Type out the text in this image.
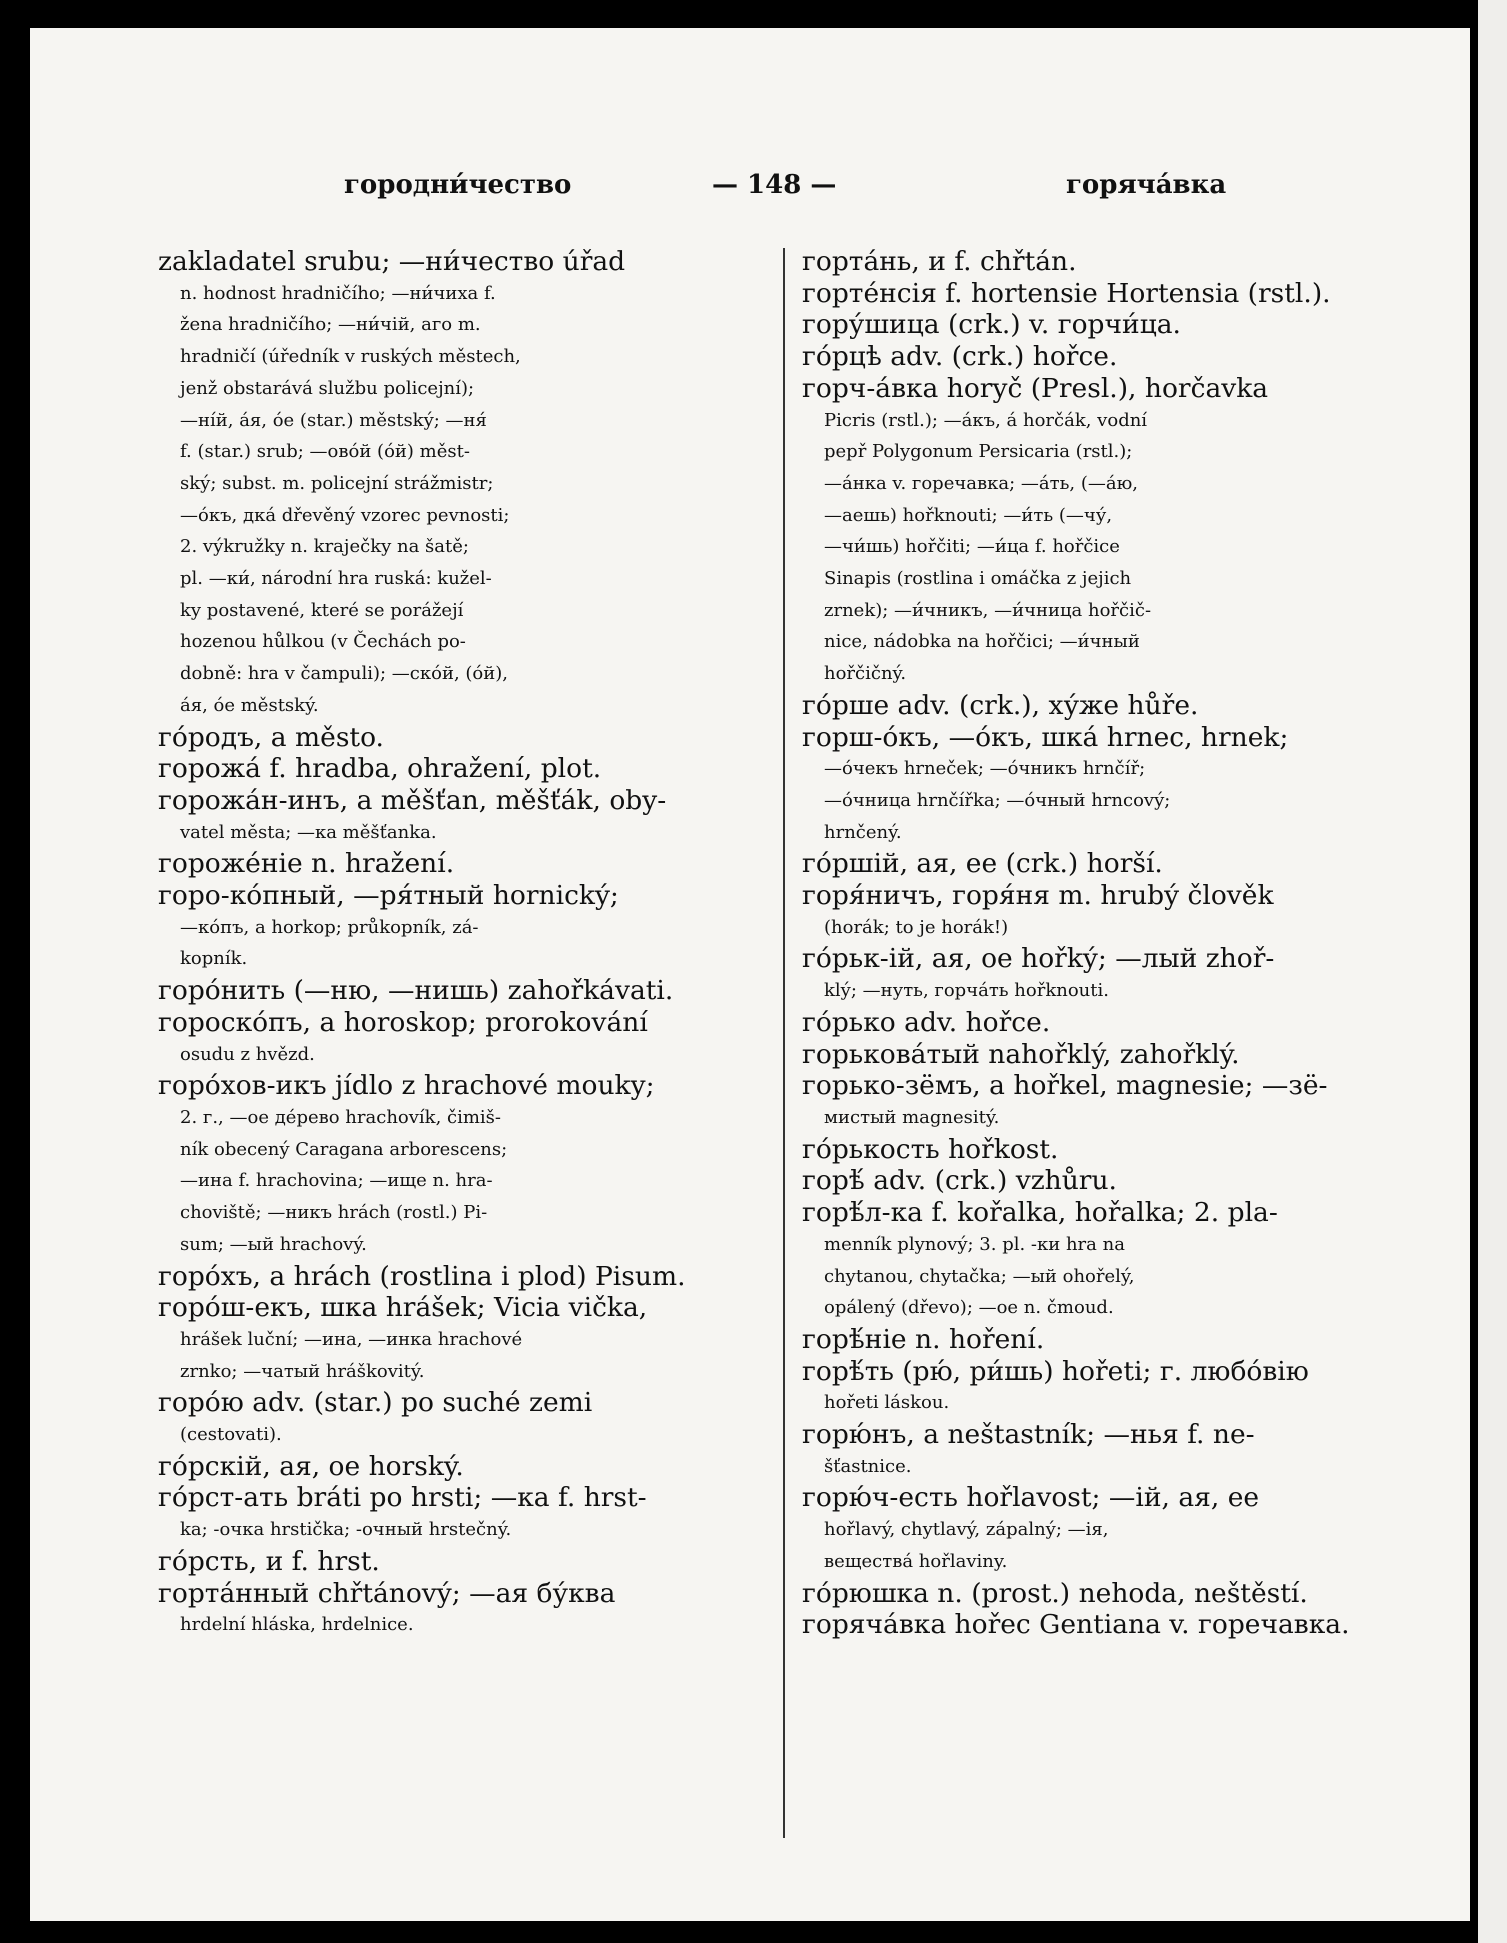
городни́чество	— 148 —	горяча́вка
zakladatel srubu; —ни́чество úřad
n. hodnost hradničího; —ни́чиха f.
žena hradničího; —ни́чій, аго m.
hradničí (úředník v ruských městech,
jenž obstarává službu policejní);
—ні́й, а́я, о́е (star.) městský; —ня́
f. (star.) srub; —ово́й (о́й) měst-
ský; subst. m. policejní strážmistr;
—о́къ, дка́ dřevěný vzorec pevnosti;
2. výkružky n. kraječky na šatě;
pl. —ки́, národní hra ruská: kužel-
ky postavené, které se porážejí
hozenou hůlkou (v Čechách po-
dobně: hra v čampuli); —ско́й, (о́й),
а́я, о́е městský.
го́родъ, а město.
горожа́ f. hradba, ohražení, plot.
горожа́н-инъ, а měšťan, měšťák, oby-
vatel města; —ка měšťanka.
горожéніе n. hražení.
горо-ко́пный, —ря́тный hornický;
—ко́пъ, а horkop; průkopník, zá-
kopník.
горо́нить (—ню, —нишь) zahořkávati.
гороско́пъ, а horoskop; prorokování
osudu z hvězd.
горо́хов-икъ jídlo z hrachové mouky;
2. г., —ое де́рево hrachovík, čimiš-
ník obecený Caragana arborescens;
—ина f. hrachovina; —ище n. hra-
choviště; —никъ hrách (rostl.) Pi-
sum; —ый hrachový.
горо́хъ, а hrách (rostlina i plod) Pisum.
горо́ш-екъ, шка hrášek; Vicia vička,
hrášek luční; —ина, —инка hrachové
zrnko; —чатый hráškovitý.
горо́ю adv. (star.) po suché zemi
(cestovati).
го́рскій, ая, ое horský.
го́рст-ать bráti po hrsti; —ка f. hrst-
ka; -очка hrstička; -очный hrstečný.
го́рсть, и f. hrst.
горта́нный chřtánový; —ая бу́ква
hrdelní hláska, hrdelnice.
горта́нь, и f. chřtán.
гортéнсія f. hortensie Hortensia (rstl.).
гору́шица (crk.) v. горчи́ца.
го́рцѣ adv. (crk.) hořce.
горч-а́вка horyč (Presl.), horčavka
Picris (rstl.); —а́къ, а́ horčák, vodní
pepř Polygonum Persicaria (rstl.);
—а́нка v. горечавка; —а́ть, (—а́ю,
—аешь) hořknouti; —и́ть (—чу́,
—чи́шь) hořčiti; —и́ца f. hořčice
Sinapis (rostlina i omáčka z jejich
zrnek); —и́чникъ, —и́чница hořčič-
nice, nádobka na hořčici; —и́чный
hořčičný.
го́рше adv. (crk.), ху́же hůře.
горш-о́къ, —о́къ, шка́ hrnec, hrnek;
—о́чекъ hrneček; —о́чникъ hrnčíř;
—о́чница hrnčířka; —о́чный hrncový;
hrnčený.
го́ршій, ая, ее (crk.) horší.
горя́ничъ, горя́ня m. hrubý člověk
(horák; to je horák!)
го́рьк-ій, ая, ое hořký; —лый zhoř-
klý; —нуть, горча́ть hořknouti.
го́рько adv. hořce.
горькова́тый nahořklý, zahořklý.
горько-зёмъ, а hořkel, magnesie; —зё-
мистый magnesitý.
го́рькость hořkost.
горѣ́ adv. (crk.) vzhůru.
горѣ́л-ка f. kořalka, hořalka; 2. pla-
menník plynový; 3. pl. -ки hra na
chytanou, chytačka; —ый ohořelý,
opálený (dřevo); —ое n. čmoud.
горѣ́ніе n. hoření.
горѣ́ть (рю́, ри́шь) hořeti; г. любо́вію
hořeti láskou.
горю́нъ, а neštastník; —нья f. ne-
šťastnice.
горю́ч-есть hořlavost; —ій, ая, ее
hořlavý, chytlavý, zápalný; —ія,
вещества́ hořlaviny.
го́рюшка n. (prost.) nehoda, neštěstí.
горяча́вка hořec Gentiana v. горечавка.
